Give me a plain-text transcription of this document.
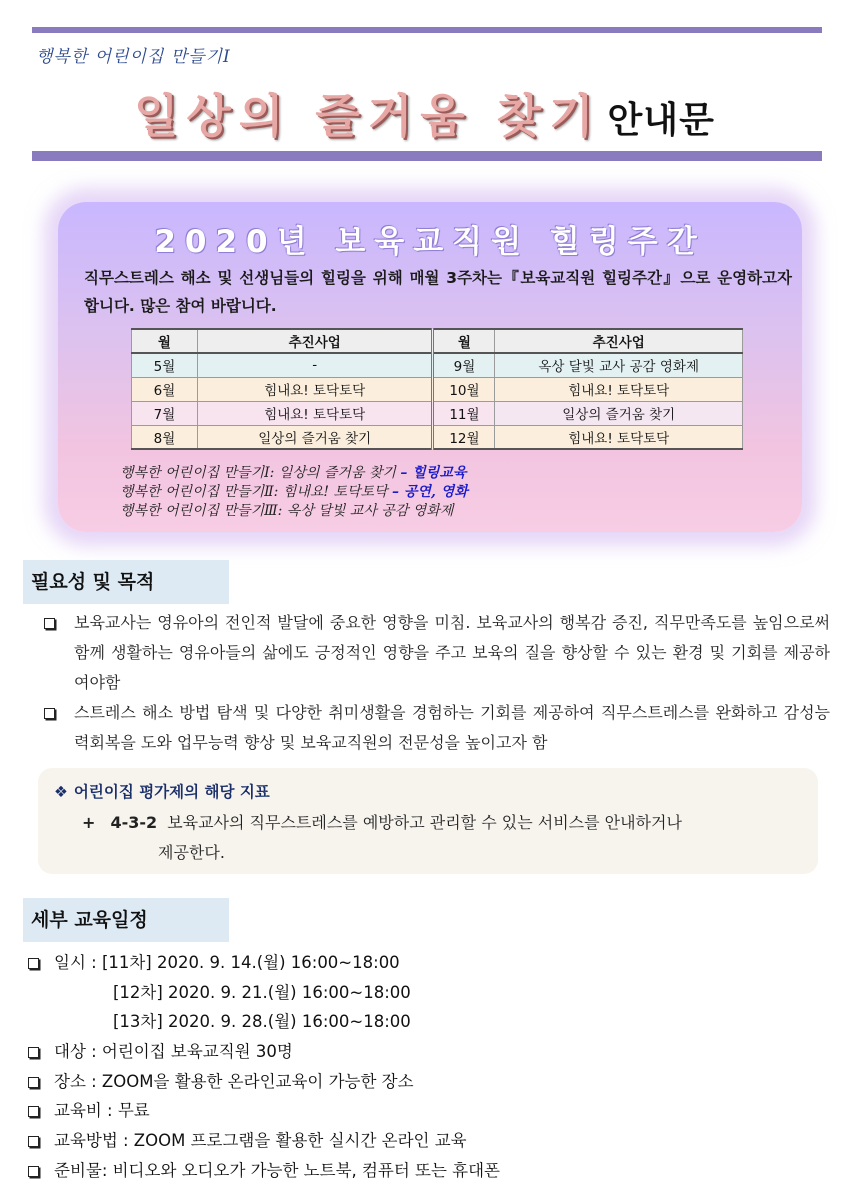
행복한 어린이집 만들기Ⅰ
일상의 즐거움 찾기 안내문
2020년 보육교직원 힐링주간
직무스트레스 해소 및 선생님들의 힐링을 위해 매월 3주차는『보육교직원 힐링주간』으로 운영하고자 합니다. 많은 참여 바랍니다.
월	추진사업	월	추진사업
5월	-	9월	옥상 달빛 교사 공감 영화제
6월	힘내요! 토닥토닥	10월	힘내요! 토닥토닥
7월	힘내요! 토닥토닥	11월	일상의 즐거움 찾기
8월	일상의 즐거움 찾기	12월	힘내요! 토닥토닥
행복한 어린이집 만들기Ⅰ: 일상의 즐거움 찾기 – 힐링교육
행복한 어린이집 만들기Ⅱ: 힘내요! 토닥토닥 – 공연, 영화
행복한 어린이집 만들기Ⅲ: 옥상 달빛 교사 공감 영화제
필요성 및 목적
보육교사는 영유아의 전인적 발달에 중요한 영향을 미침. 보육교사의 행복감 증진, 직무만족도를 높임으로써 함께 생활하는 영유아들의 삶에도 긍정적인 영향을 주고 보육의 질을 향상할 수 있는 환경 및 기회를 제공하여야함
스트레스 해소 방법 탐색 및 다양한 취미생활을 경험하는 기회를 제공하여 직무스트레스를 완화하고 감성능력회복을 도와 업무능력 향상 및 보육교직원의 전문성을 높이고자 함
❖ 어린이집 평가제의 해당 지표
+ 4-3-2 보육교사의 직무스트레스를 예방하고 관리할 수 있는 서비스를 안내하거나
제공한다.
세부 교육일정
일시 : [11차] 2020. 9. 14.(월) 16:00~18:00
[12차] 2020. 9. 21.(월) 16:00~18:00
[13차] 2020. 9. 28.(월) 16:00~18:00
대상 : 어린이집 보육교직원 30명
장소 : ZOOM을 활용한 온라인교육이 가능한 장소
교육비 : 무료
교육방법 : ZOOM 프로그램을 활용한 실시간 온라인 교육
준비물: 비디오와 오디오가 가능한 노트북, 컴퓨터 또는 휴대폰
